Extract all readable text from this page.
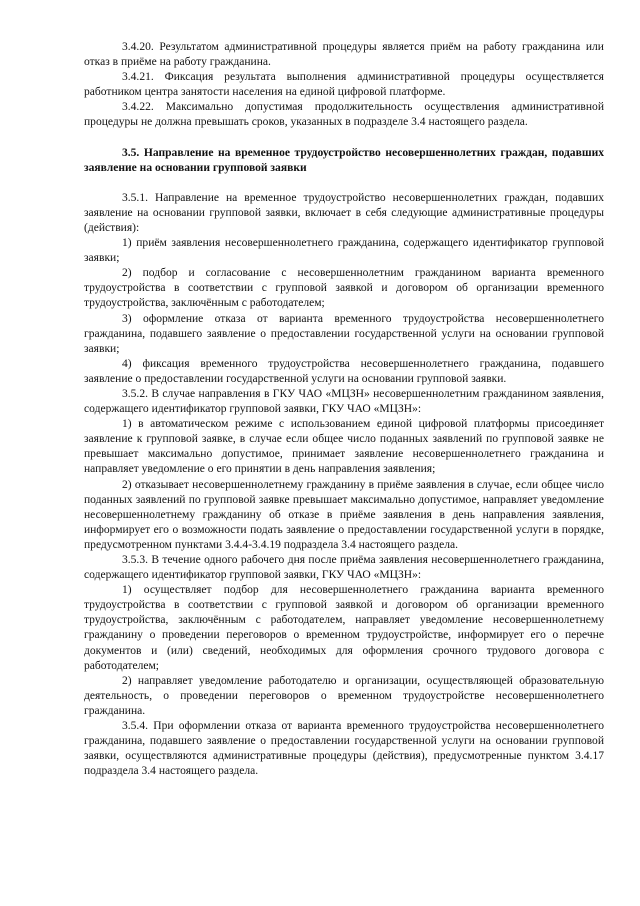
3.4.20. Результатом административной процедуры является приём на работу гражданина или отказ в приёме на работу гражданина.

3.4.21. Фиксация результата выполнения административной процедуры осуществляется работником центра занятости населения на единой цифровой платформе.

3.4.22. Максимально допустимая продолжительность осуществления административной процедуры не должна превышать сроков, указанных в подразделе 3.4 настоящего раздела.

3.5. Направление на временное трудоустройство несовершеннолетних граждан, подавших заявление на основании групповой заявки

3.5.1. Направление на временное трудоустройство несовершеннолетних граждан, подавших заявление на основании групповой заявки, включает в себя следующие административные процедуры (действия):

1) приём заявления несовершеннолетнего гражданина, содержащего идентификатор групповой заявки;

2) подбор и согласование с несовершеннолетним гражданином варианта временного трудоустройства в соответствии с групповой заявкой и договором об организации временного трудоустройства, заключённым с работодателем;

3) оформление отказа от варианта временного трудоустройства несовершеннолетнего гражданина, подавшего заявление о предоставлении государственной услуги на основании групповой заявки;

4) фиксация временного трудоустройства несовершеннолетнего гражданина, подавшего заявление о предоставлении государственной услуги на основании групповой заявки.

3.5.2. В случае направления в ГКУ ЧАО «МЦЗН» несовершеннолетним гражданином заявления, содержащего идентификатор групповой заявки, ГКУ ЧАО «МЦЗН»:

1) в автоматическом режиме с использованием единой цифровой платформы присоединяет заявление к групповой заявке, в случае если общее число поданных заявлений по групповой заявке не превышает максимально допустимое, принимает заявление несовершеннолетнего гражданина и направляет уведомление о его принятии в день направления заявления;

2) отказывает несовершеннолетнему гражданину в приёме заявления в случае, если общее число поданных заявлений по групповой заявке превышает максимально допустимое, направляет уведомление несовершеннолетнему гражданину об отказе в приёме заявления в день направления заявления, информирует его о возможности подать заявление о предоставлении государственной услуги в порядке, предусмотренном пунктами 3.4.4-3.4.19 подраздела 3.4 настоящего раздела.

3.5.3. В течение одного рабочего дня после приёма заявления несовершеннолетнего гражданина, содержащего идентификатор групповой заявки, ГКУ ЧАО «МЦЗН»:

1) осуществляет подбор для несовершеннолетнего гражданина варианта временного трудоустройства в соответствии с групповой заявкой и договором об организации временного трудоустройства, заключённым с работодателем, направляет уведомление несовершеннолетнему гражданину о проведении переговоров о временном трудоустройстве, информирует его о перечне документов и (или) сведений, необходимых для оформления срочного трудового договора с работодателем;

2) направляет уведомление работодателю и организации, осуществляющей образовательную деятельность, о проведении переговоров о временном трудоустройстве несовершеннолетнего гражданина.

3.5.4. При оформлении отказа от варианта временного трудоустройства несовершеннолетнего гражданина, подавшего заявление о предоставлении государственной услуги на основании групповой заявки, осуществляются административные процедуры (действия), предусмотренные пунктом 3.4.17 подраздела 3.4 настоящего раздела.
